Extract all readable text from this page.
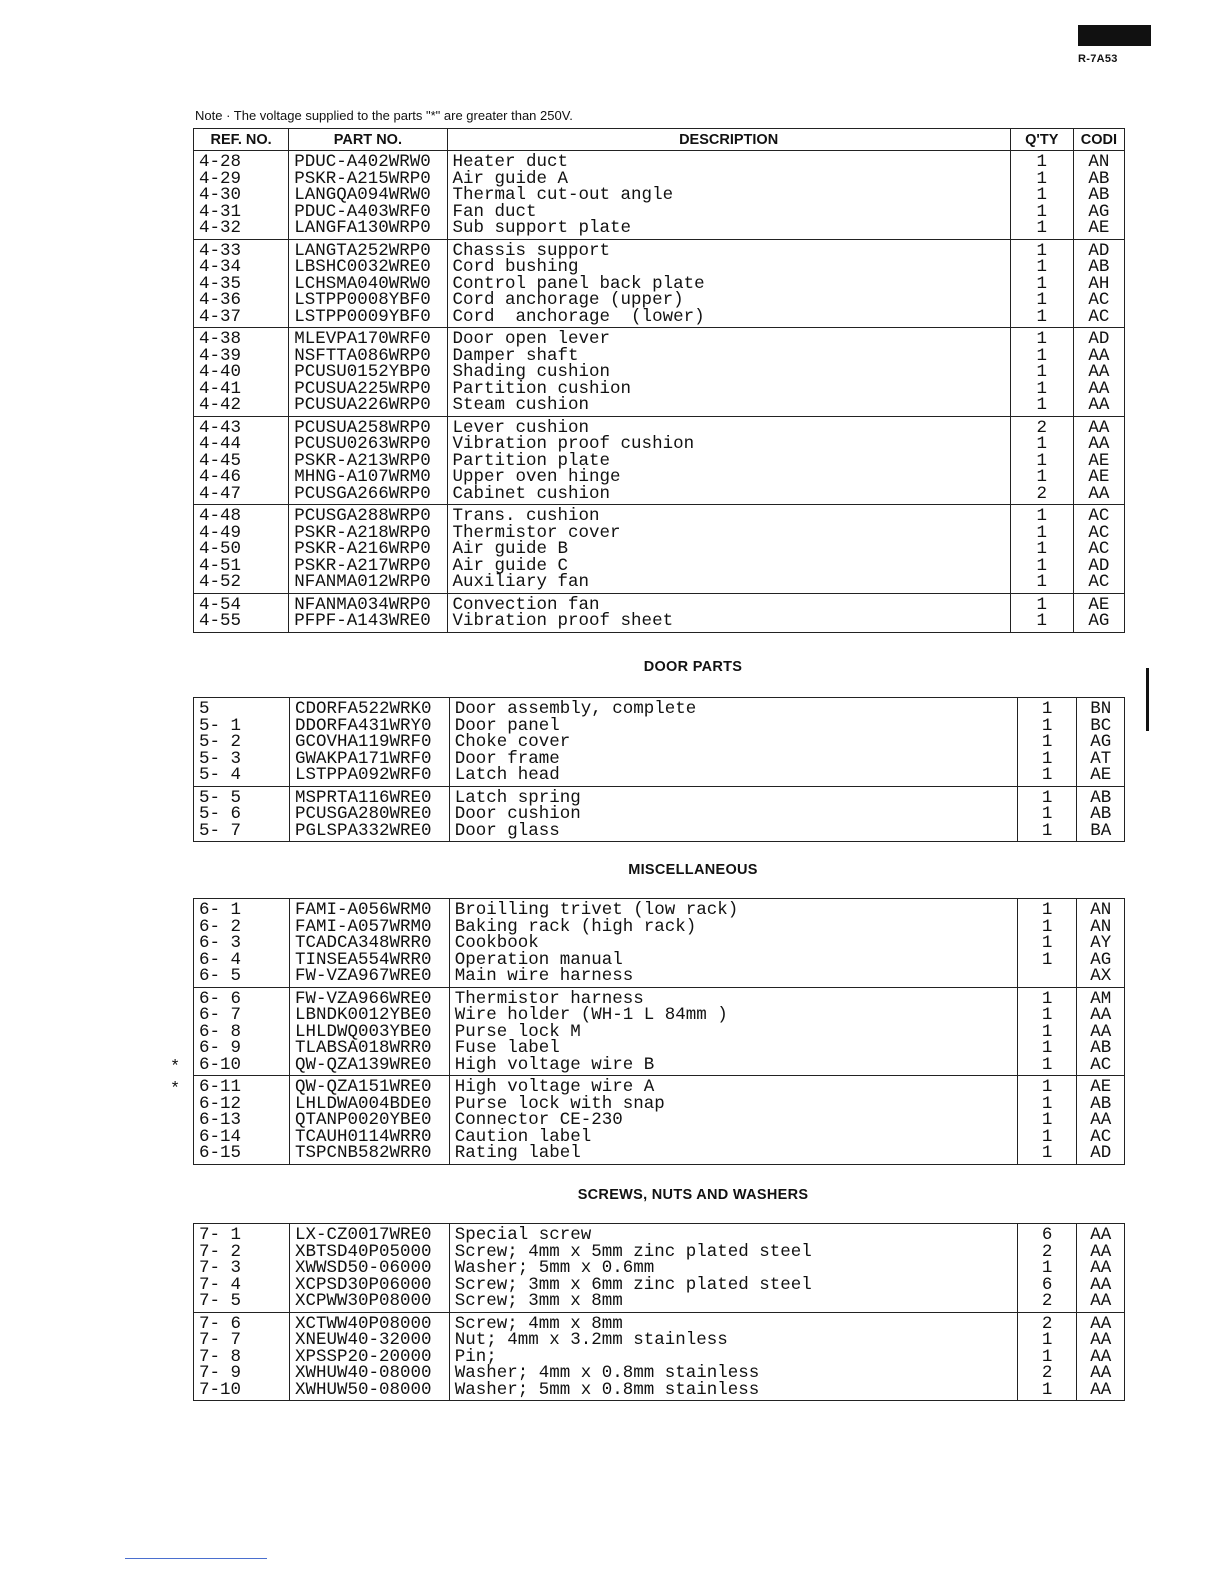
R-7A53
Note · The voltage supplied to the parts "*" are greater than 250V.
REF. NO.	PART NO.	DESCRIPTION	Q'TY	CODI
4-28	PDUC-A402WRW0	Heater duct	1	AN
4-29	PSKR-A215WRP0	Air guide A	1	AB
4-30	LANGQA094WRW0	Thermal cut-out angle	1	AB
4-31	PDUC-A403WRF0	Fan duct	1	AG
4-32	LANGFA130WRP0	Sub support plate	1	AE
4-33	LANGTA252WRP0	Chassis support	1	AD
4-34	LBSHC0032WRE0	Cord bushing	1	AB
4-35	LCHSMA040WRW0	Control panel back plate	1	AH
4-36	LSTPP0008YBF0	Cord anchorage (upper)	1	AC
4-37	LSTPP0009YBF0	Cord  anchorage  (lower)	1	AC
4-38	MLEVPA170WRF0	Door open lever	1	AD
4-39	NSFTTA086WRP0	Damper shaft	1	AA
4-40	PCUSU0152YBP0	Shading cushion	1	AA
4-41	PCUSUA225WRP0	Partition cushion	1	AA
4-42	PCUSUA226WRP0	Steam cushion	1	AA
4-43	PCUSUA258WRP0	Lever cushion	2	AA
4-44	PCUSU0263WRP0	Vibration proof cushion	1	AA
4-45	PSKR-A213WRP0	Partition plate	1	AE
4-46	MHNG-A107WRM0	Upper oven hinge	1	AE
4-47	PCUSGA266WRP0	Cabinet cushion	2	AA
4-48	PCUSGA288WRP0	Trans. cushion	1	AC
4-49	PSKR-A218WRP0	Thermistor cover	1	AC
4-50	PSKR-A216WRP0	Air guide B	1	AC
4-51	PSKR-A217WRP0	Air guide C	1	AD
4-52	NFANMA012WRP0	Auxiliary fan	1	AC
4-54	NFANMA034WRP0	Convection fan	1	AE
4-55	PFPF-A143WRE0	Vibration proof sheet	1	AG
DOOR PARTS
5	CDORFA522WRK0	Door assembly, complete	1	BN
5- 1	DDORFA431WRY0	Door panel	1	BC
5- 2	GCOVHA119WRF0	Choke cover	1	AG
5- 3	GWAKPA171WRF0	Door frame	1	AT
5- 4	LSTPPA092WRF0	Latch head	1	AE
5- 5	MSPRTA116WRE0	Latch spring	1	AB
5- 6	PCUSGA280WRE0	Door cushion	1	AB
5- 7	PGLSPA332WRE0	Door glass	1	BA
MISCELLANEOUS
6- 1	FAMI-A056WRM0	Broilling trivet (low rack)	1	AN
6- 2	FAMI-A057WRM0	Baking rack (high rack)	1	AN
6- 3	TCADCA348WRR0	Cookbook	1	AY
6- 4	TINSEA554WRR0	Operation manual	1	AG
6- 5	FW-VZA967WRE0	Main wire harness		AX
6- 6	FW-VZA966WRE0	Thermistor harness	1	AM
6- 7	LBNDK0012YBE0	Wire holder (WH-1 L 84mm )	1	AA
6- 8	LHLDWQ003YBE0	Purse lock M	1	AA
6- 9	TLABSA018WRR0	Fuse label	1	AB
6-10	QW-QZA139WRE0	High voltage wire B	1	AC
6-11	QW-QZA151WRE0	High voltage wire A	1	AE
6-12	LHLDWA004BDE0	Purse lock with snap	1	AB
6-13	QTANP0020YBE0	Connector CE-230	1	AA
6-14	TCAUH0114WRR0	Caution label	1	AC
6-15	TSPCNB582WRR0	Rating label	1	AD
SCREWS, NUTS AND WASHERS
7- 1	LX-CZ0017WRE0	Special screw	6	AA
7- 2	XBTSD40P05000	Screw; 4mm x 5mm zinc plated steel	2	AA
7- 3	XWWSD50-06000	Washer; 5mm x 0.6mm	1	AA
7- 4	XCPSD30P06000	Screw; 3mm x 6mm zinc plated steel	6	AA
7- 5	XCPWW30P08000	Screw; 3mm x 8mm	2	AA
7- 6	XCTWW40P08000	Screw; 4mm x 8mm	2	AA
7- 7	XNEUW40-32000	Nut; 4mm x 3.2mm stainless	1	AA
7- 8	XPSSP20-20000	Pin;	1	AA
7- 9	XWHUW40-08000	Washer; 4mm x 0.8mm stainless	2	AA
7-10	XWHUW50-08000	Washer; 5mm x 0.8mm stainless	1	AA
*
*
